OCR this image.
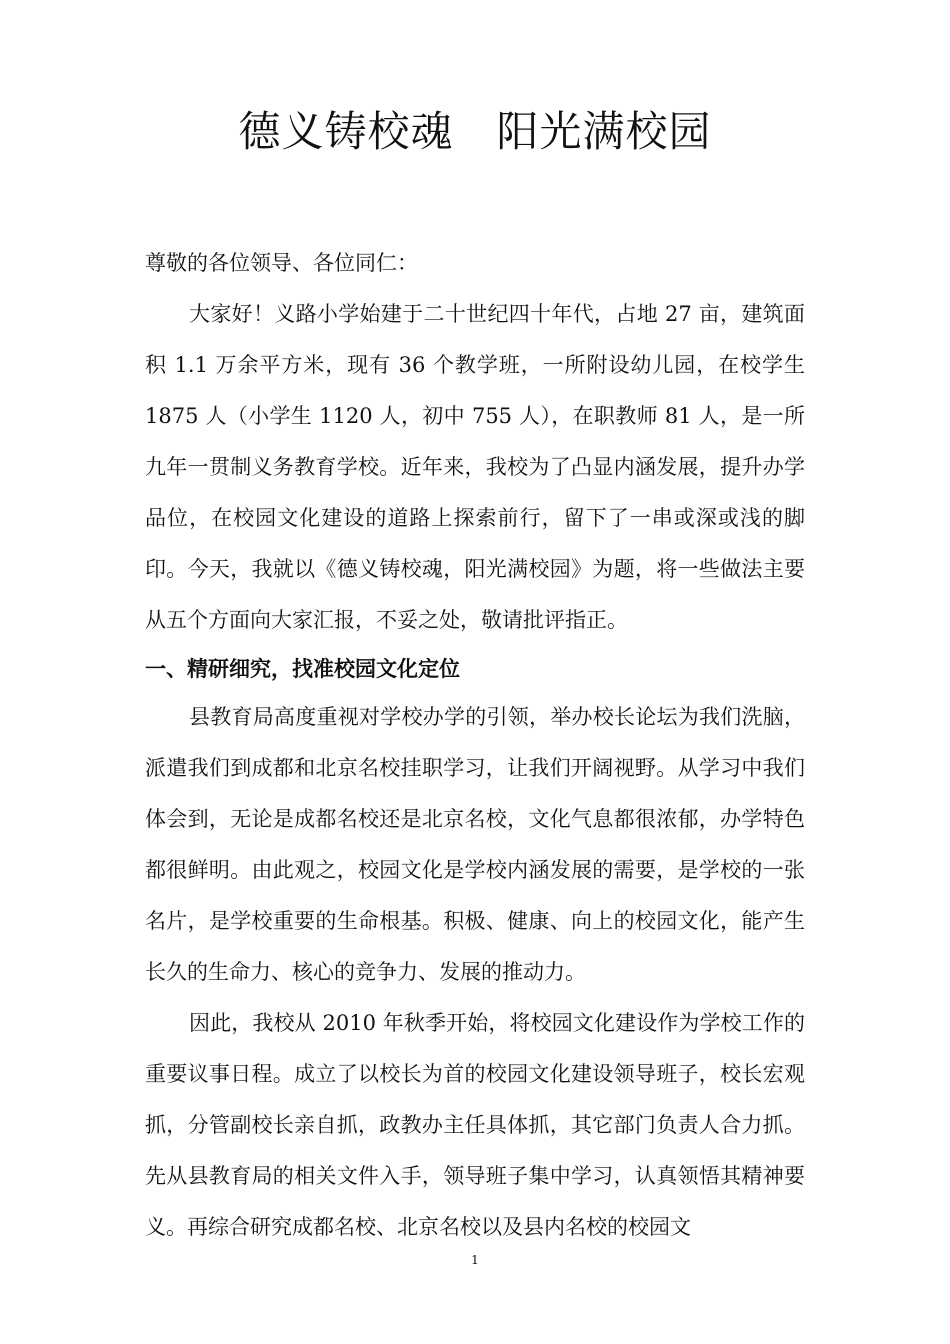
德义铸校魂　阳光满校园

尊敬的各位领导、各位同仁：

大家好！义路小学始建于二十世纪四十年代，占地 27 亩，建筑面积 1.1 万余平方米，现有 36 个教学班，一所附设幼儿园，在校学生 1875 人（小学生 1120 人，初中 755 人），在职教师 81 人，是一所九年一贯制义务教育学校。近年来，我校为了凸显内涵发展，提升办学品位，在校园文化建设的道路上探索前行，留下了一串或深或浅的脚印。今天，我就以《德义铸校魂，阳光满校园》为题，将一些做法主要从五个方面向大家汇报，不妥之处，敬请批评指正。

一、精研细究，找准校园文化定位

县教育局高度重视对学校办学的引领，举办校长论坛为我们洗脑，派遣我们到成都和北京名校挂职学习，让我们开阔视野。从学习中我们体会到，无论是成都名校还是北京名校，文化气息都很浓郁，办学特色都很鲜明。由此观之，校园文化是学校内涵发展的需要，是学校的一张名片，是学校重要的生命根基。积极、健康、向上的校园文化，能产生长久的生命力、核心的竞争力、发展的推动力。

因此，我校从 2010 年秋季开始，将校园文化建设作为学校工作的重要议事日程。成立了以校长为首的校园文化建设领导班子，校长宏观抓，分管副校长亲自抓，政教办主任具体抓，其它部门负责人合力抓。先从县教育局的相关文件入手，领导班子集中学习，认真领悟其精神要义。再综合研究成都名校、北京名校以及县内名校的校园文

1
